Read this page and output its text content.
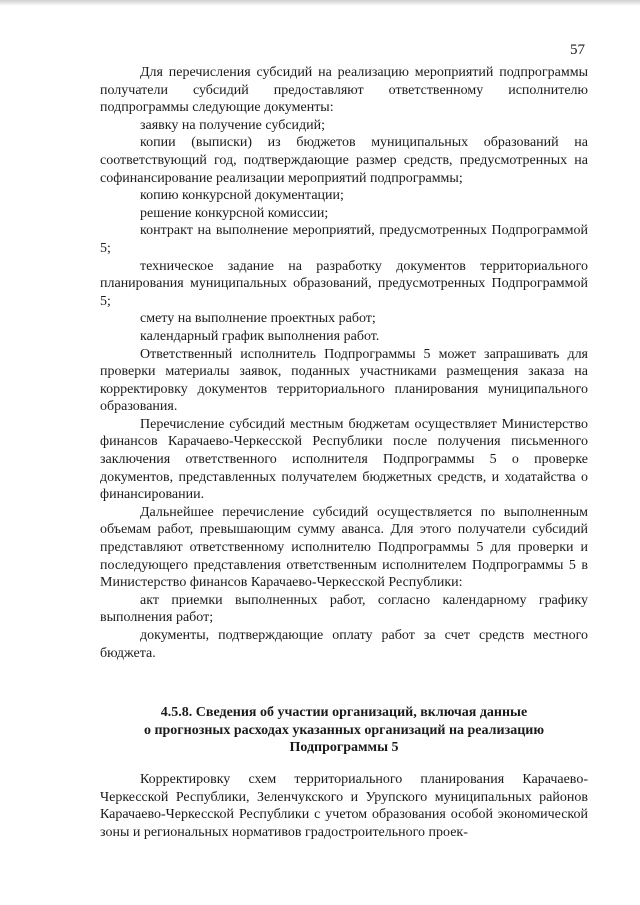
57

Для перечисления субсидий на реализацию мероприятий подпрограммы получатели субсидий предоставляют ответственному исполнителю подпрограммы следующие документы:

заявку на получение субсидий;

копии (выписки) из бюджетов муниципальных образований на соответствующий год, подтверждающие размер средств, предусмотренных на софинансирование реализации мероприятий подпрограммы;

копию конкурсной документации;

решение конкурсной комиссии;

контракт на выполнение мероприятий, предусмотренных Подпрограммой 5;

техническое задание на разработку документов территориального планирования муниципальных образований, предусмотренных Подпрограммой 5;

смету на выполнение проектных работ;

календарный график выполнения работ.

Ответственный исполнитель Подпрограммы 5 может запрашивать для проверки материалы заявок, поданных участниками размещения заказа на корректировку документов территориального планирования муниципального образования.

Перечисление субсидий местным бюджетам осуществляет Министерство финансов Карачаево-Черкесской Республики после получения письменного заключения ответственного исполнителя Подпрограммы 5 о проверке документов, представленных получателем бюджетных средств, и ходатайства о финансировании.

Дальнейшее перечисление субсидий осуществляется по выполненным объемам работ, превышающим сумму аванса. Для этого получатели субсидий представляют ответственному исполнителю Подпрограммы 5 для проверки и последующего представления ответственным исполнителем Подпрограммы 5 в Министерство финансов Карачаево-Черкесской Республики:

акт приемки выполненных работ, согласно календарному графику выполнения работ;

документы, подтверждающие оплату работ за счет средств местного бюджета.

4.5.8. Сведения об участии организаций, включая данные
о прогнозных расходах указанных организаций на реализацию
Подпрограммы 5

Корректировку схем территориального планирования Карачаево-Черкесской Республики, Зеленчукского и Урупского муниципальных районов Карачаево-Черкесской Республики с учетом образования особой экономической зоны и региональных нормативов градостроительного проек-
